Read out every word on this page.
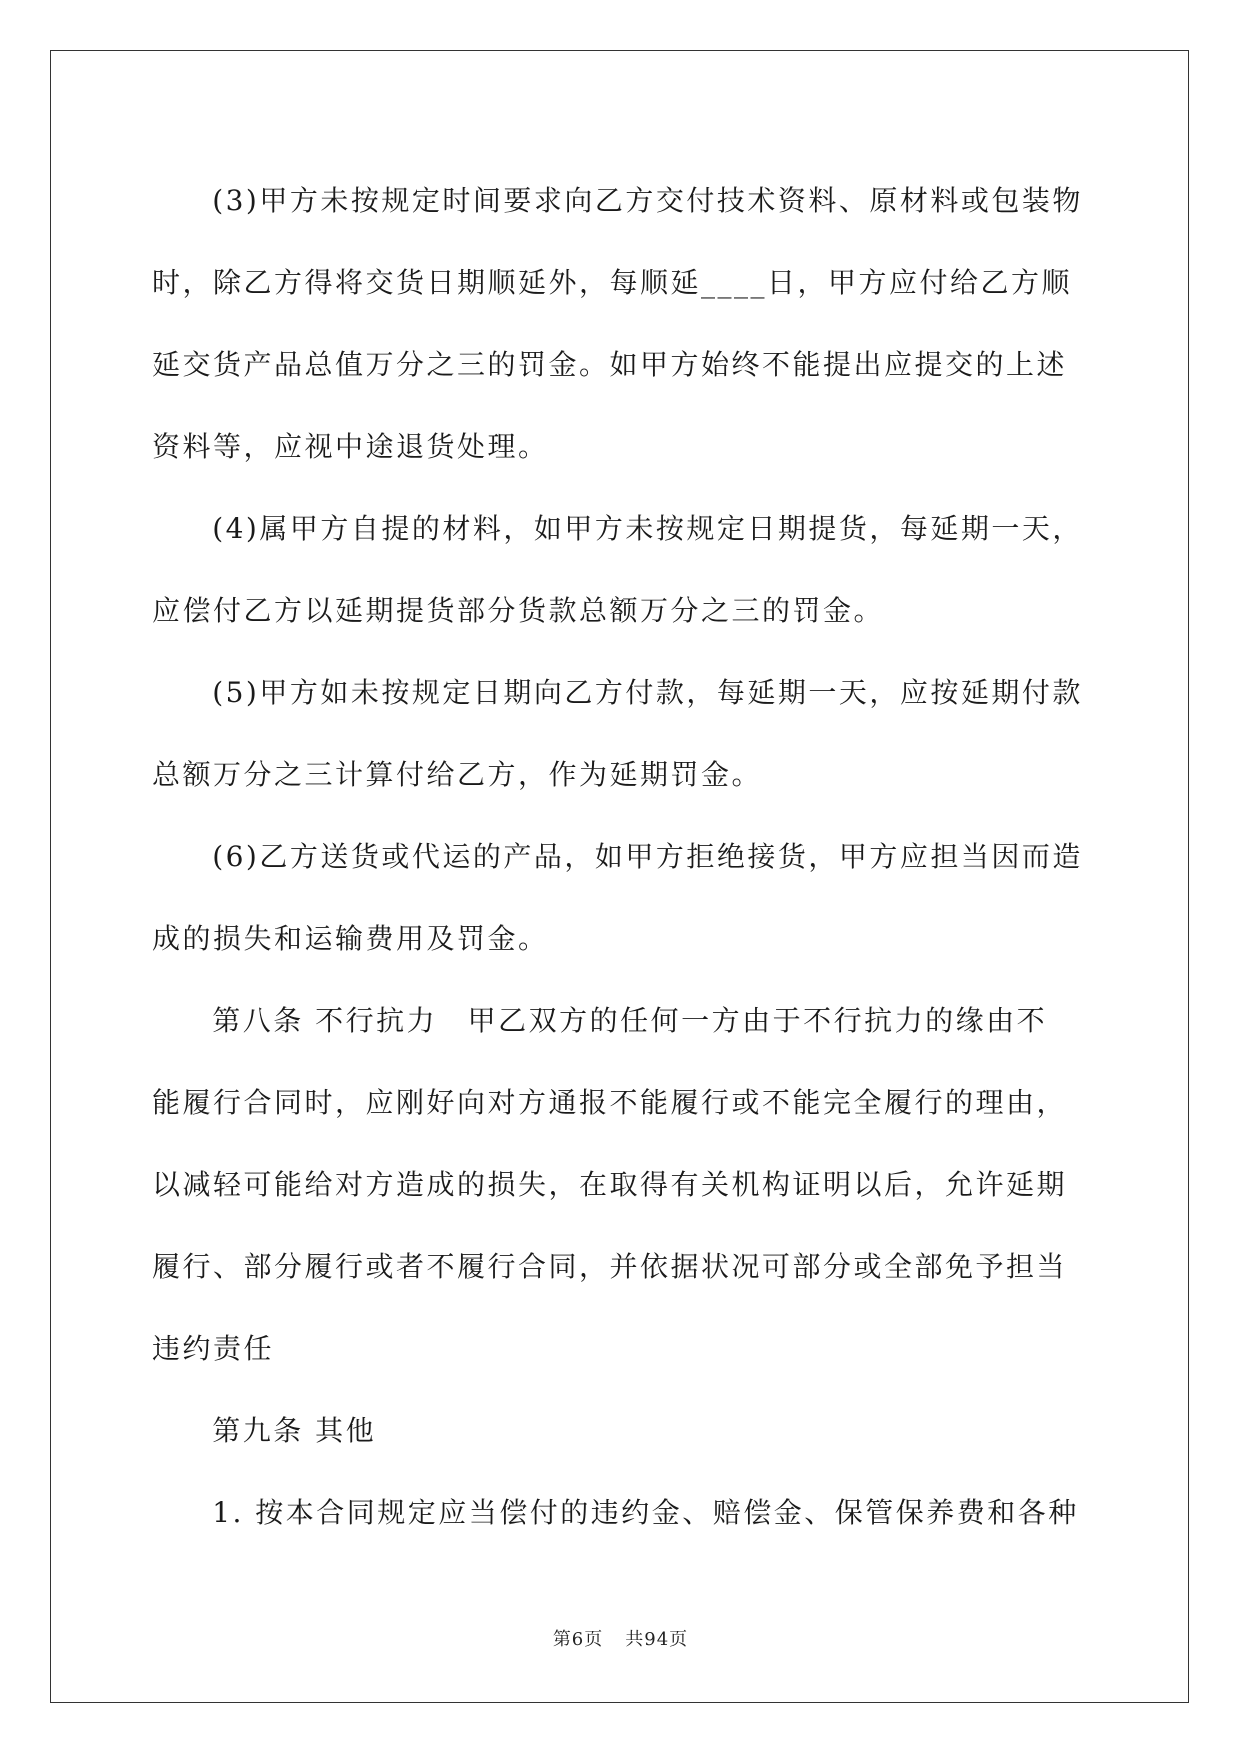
(3)甲方未按规定时间要求向乙方交付技术资料、原材料或包装物
时，除乙方得将交货日期顺延外，每顺延____日，甲方应付给乙方顺
延交货产品总值万分之三的罚金。如甲方始终不能提出应提交的上述
资料等，应视中途退货处理。

(4)属甲方自提的材料，如甲方未按规定日期提货，每延期一天，
应偿付乙方以延期提货部分货款总额万分之三的罚金。

(5)甲方如未按规定日期向乙方付款，每延期一天，应按延期付款
总额万分之三计算付给乙方，作为延期罚金。

(6)乙方送货或代运的产品，如甲方拒绝接货，甲方应担当因而造
成的损失和运输费用及罚金。

第八条 不行抗力　甲乙双方的任何一方由于不行抗力的缘由不
能履行合同时，应刚好向对方通报不能履行或不能完全履行的理由，
以减轻可能给对方造成的损失，在取得有关机构证明以后，允许延期
履行、部分履行或者不履行合同，并依据状况可部分或全部免予担当
违约责任

第九条 其他

1. 按本合同规定应当偿付的违约金、赔偿金、保管保养费和各种

第6页 共94页
